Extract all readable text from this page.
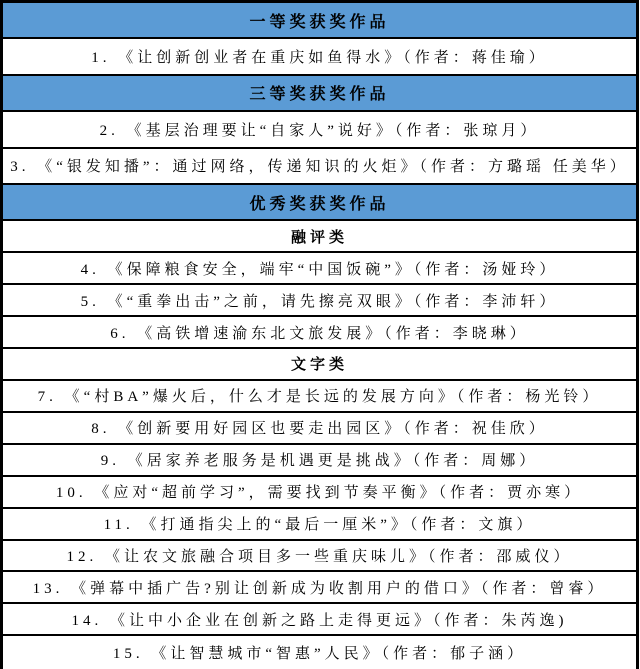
一等奖获奖作品
1. 《让创新创业者在重庆如鱼得水》（作者：蒋佳瑜）
三等奖获奖作品
2. 《基层治理要让“自家人”说好》（作者：张琼月）
3. 《“银发知播”：通过网络，传递知识的火炬》（作者：方璐瑶 任美华）
优秀奖获奖作品
融评类
4. 《保障粮食安全，端牢“中国饭碗”》（作者：汤娅玲）
5. 《“重拳出击”之前，请先擦亮双眼》（作者：李沛轩）
6. 《高铁增速渝东北文旅发展》（作者：李晓琳）
文字类
7. 《“村BA”爆火后，什么才是长远的发展方向》（作者：杨光铃）
8. 《创新要用好园区也要走出园区》（作者：祝佳欣）
9. 《居家养老服务是机遇更是挑战》（作者：周娜）
10. 《应对“超前学习”，需要找到节奏平衡》（作者：贾亦寒）
11. 《打通指尖上的“最后一厘米”》（作者：文旗）
12. 《让农文旅融合项目多一些重庆味儿》（作者：邵威仪）
13. 《弹幕中插广告?别让创新成为收割用户的借口》（作者：曾睿）
14. 《让中小企业在创新之路上走得更远》（作者：朱芮逸)
15. 《让智慧城市“智惠”人民》（作者：郁子涵）
